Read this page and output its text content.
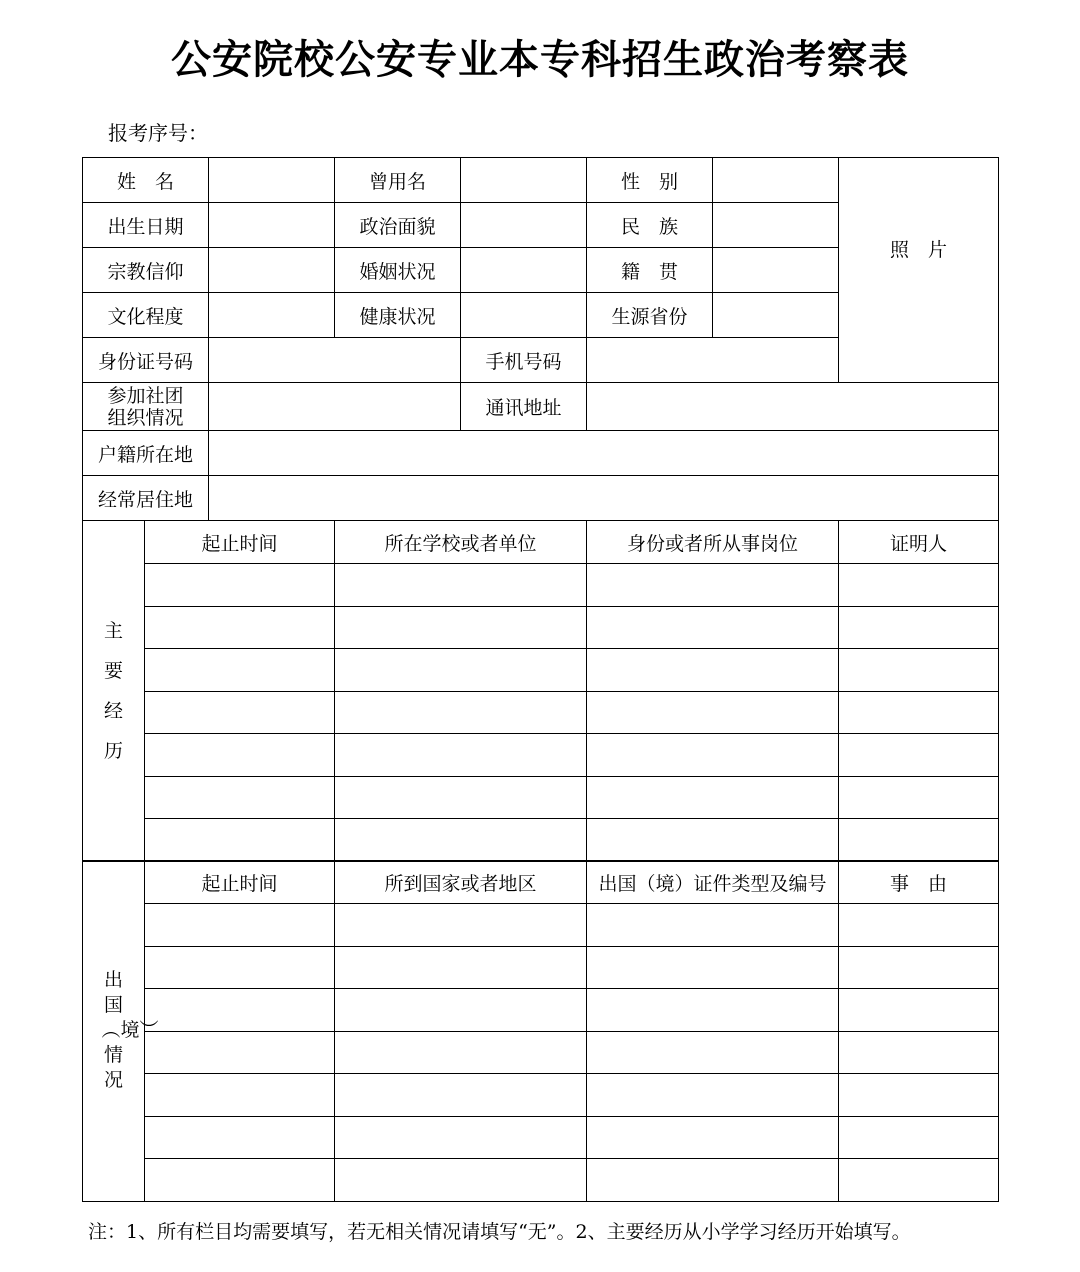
公安院校公安专业本专科招生政治考察表
报考序号：
姓　名		曾用名		性　别		照　片
出生日期		政治面貌		民　族		
宗教信仰		婚姻状况		籍　贯		
文化程度		健康状况		生源省份		
身份证号码			手机号码			
参加社团
组织情况			通讯地址			
户籍所在地						
经常居住地						
主要经历	起止时间	所在学校或者单位	身份或者所从事岗位	证明人

出国︵境︶情况	起止时间	所到国家或者地区	出国（境）证件类型及编号	事　由

注：1、所有栏目均需要填写，若无相关情况请填写“无”。2、主要经历从小学学习经历开始填写。
